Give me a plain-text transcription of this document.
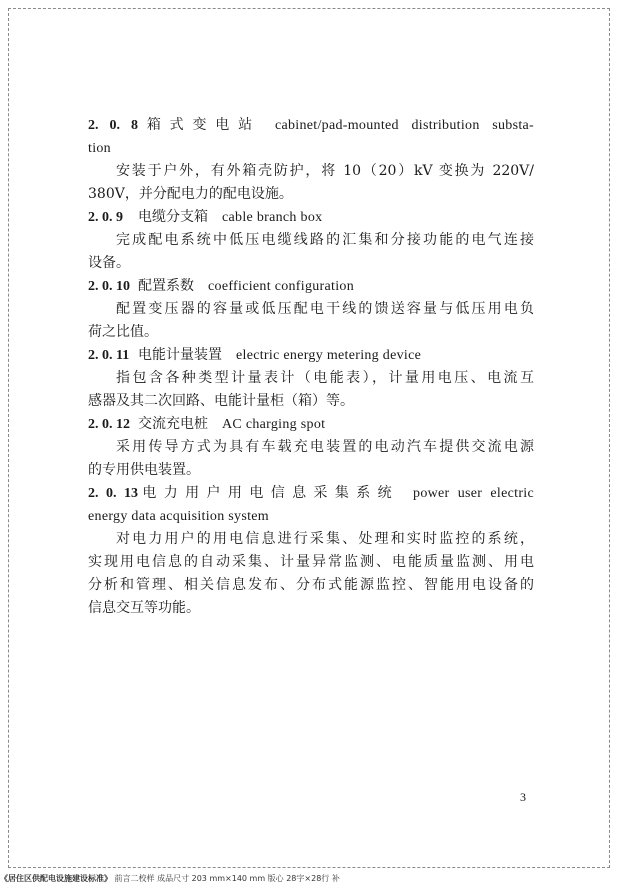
2. 0. 8箱式变电站 cabinet/pad-mounted distribution substa-
tion
安装于户外，有外箱壳防护，将 10（20）kV 变换为 220V/
380V，并分配电力的配电设施。
2. 0. 9 电缆分支箱 cable branch box
完成配电系统中低压电缆线路的汇集和分接功能的电气连接
设备。
2. 0. 10 配置系数 coefficient configuration
配置变压器的容量或低压配电干线的馈送容量与低压用电负
荷之比值。
2. 0. 11 电能计量装置 electric energy metering device
指包含各种类型计量表计（电能表），计量用电压、电流互
感器及其二次回路、电能计量柜（箱）等。
2. 0. 12 交流充电桩 AC charging spot
采用传导方式为具有车载充电装置的电动汽车提供交流电源
的专用供电装置。
2. 0. 13电力用户用电信息采集系统 power user electric
energy data acquisition system
对电力用户的用电信息进行采集、处理和实时监控的系统，
实现用电信息的自动采集、计量异常监测、电能质量监测、用电
分析和管理、相关信息发布、分布式能源监控、智能用电设备的
信息交互等功能。
3
《居住区供配电设施建设标准》 前言二校样 成品尺寸 203 mm×140 mm 版心 28字×28行 补
